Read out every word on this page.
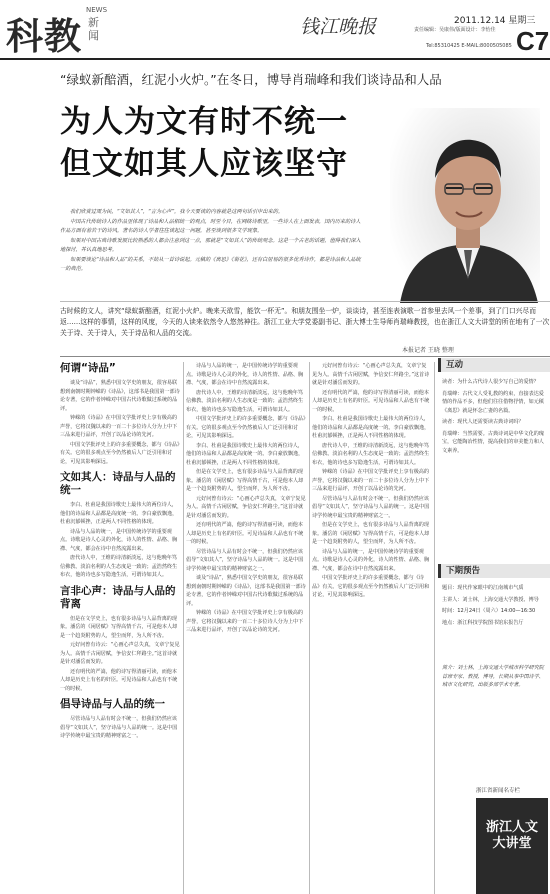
科教
NEWS
新闻	钱江晚报	2011.12.14 星期三
责任编辑：吴康伟/版面设计：李怡佳
Tel:85310425 E-MAIL:8000505085 C7
“绿蚁新醅酒，红泥小火炉。”在冬日，博导肖瑞峰和我们谈诗品和人品
为人为文有时不统一
但文如其人应该坚守

我们欣赏过周为民，“文如其人”，“言为心声”，我今天要谈的内容就是这两句话引申出来的。

中国古代传统诗人的作品里体现了诗品和人品相统一的观点，时至今日，在网络诗歌里，一些诗人在上面发表，国内历来的诗人作品方面有着若干的诗风，著名的诗人学者往往谈起这一问题，甚至谈到很多文学现象。

如果对中国古典诗歌发展比较熟悉的人都会注意到这一点，那就是“文如其人”的传统观念。这是一个古老的话题，值得我们深入地探讨，并认真地思考。

如果要谈论“诗品和人品”的关系，不妨从一首诗说起。元稹的《离思》《菊花》，还有白居易的很多优秀诗作，都是诗品和人品统一的典范。

古时候的文人，讲究“绿蚁新醅酒，红泥小火炉。晚来天欲雪，能饮一杯无”。和朋友围坐一炉，谈谈诗，甚至连表演歌一首参里去风一个差事，到了门口兴尽而返……这样的事情，这样的风度，今天的人读来依然令人悠然神往。浙江工业大学党委副书记、浙大博士生导师肖瑞峰教授，也在浙江人文大讲堂的所在地有了一次关于诗、关于诗人，关于诗品和人品的交流。
本报记者 王晓 整理
何谓“诗品”

谈及“诗品”，熟悉中国文学史的朋友，很容易联想到南朝时期钟嵘的《诗品》，这部书是我国第一部诗论专著，它的作者钟嵘对中国古代诗歌做过系统的品评。

钟嵘的《诗品》在中国文学批评史上享有极高的声誉，它将汉魏以来的一百二十多位诗人分为上中下三品来进行品评，开创了以品论诗的先河。

中国文学批评史上的许多重要概念，都与《诗品》有关。它的很多观点至今仍然被后人广泛引用和讨论，可见其影响深远。

文如其人：诗品与人品的统一

李白、杜甫是我国诗歌史上最伟大的两位诗人，他们的诗品和人品都是高度统一的。李白豪放飘逸，杜甫沉郁顿挫，正是两人不同性格的体现。

诗品与人品的统一，是中国传统诗学的重要观点。诗歌是诗人心灵的外化，诗人的性情、品格、胸襟、气度，都会在诗中自然流露出来。

唐代诗人中，王维的诗清新淡远，这与他晚年笃信佛教、淡泊名利的人生态度是一致的；孟浩然终生布衣，他的诗也多写隐逸生活，可谓诗如其人。

言非心声：诗品与人品的背离

但是在文学史上，也有很多诗品与人品背离的现象。潘岳的《闲居赋》写得高情千古，可是他本人却是一个趋炎附势的人，望尘而拜，为人所不齿。

元好问曾有诗云：“心画心声总失真，文章宁复见为人。高情千古闲居赋，争信安仁拜路尘。”这首诗就是针对潘岳而发的。

还有明代的严嵩，他的诗写得清丽可读，而他本人却是历史上有名的奸臣。可见诗品和人品也有不统一的时候。

倡导诗品与人品的统一

尽管诗品与人品有时会不统一，但我们仍然应该倡导“文如其人”，坚守诗品与人品的统一。这是中国诗学传统中最宝贵的精神财富之一。

诗品与人品的统一，是中国传统诗学的重要观点。诗歌是诗人心灵的外化，诗人的性情、品格、胸襟、气度，都会在诗中自然流露出来。

唐代诗人中，王维的诗清新淡远，这与他晚年笃信佛教、淡泊名利的人生态度是一致的；孟浩然终生布衣，他的诗也多写隐逸生活，可谓诗如其人。

中国文学批评史上的许多重要概念，都与《诗品》有关。它的很多观点至今仍然被后人广泛引用和讨论，可见其影响深远。

李白、杜甫是我国诗歌史上最伟大的两位诗人，他们的诗品和人品都是高度统一的。李白豪放飘逸，杜甫沉郁顿挫，正是两人不同性格的体现。

但是在文学史上，也有很多诗品与人品背离的现象。潘岳的《闲居赋》写得高情千古，可是他本人却是一个趋炎附势的人，望尘而拜，为人所不齿。

元好问曾有诗云：“心画心声总失真，文章宁复见为人。高情千古闲居赋，争信安仁拜路尘。”这首诗就是针对潘岳而发的。

还有明代的严嵩，他的诗写得清丽可读，而他本人却是历史上有名的奸臣。可见诗品和人品也有不统一的时候。

尽管诗品与人品有时会不统一，但我们仍然应该倡导“文如其人”，坚守诗品与人品的统一。这是中国诗学传统中最宝贵的精神财富之一。

谈及“诗品”，熟悉中国文学史的朋友，很容易联想到南朝时期钟嵘的《诗品》，这部书是我国第一部诗论专著，它的作者钟嵘对中国古代诗歌做过系统的品评。

钟嵘的《诗品》在中国文学批评史上享有极高的声誉，它将汉魏以来的一百二十多位诗人分为上中下三品来进行品评，开创了以品论诗的先河。

元好问曾有诗云：“心画心声总失真，文章宁复见为人。高情千古闲居赋，争信安仁拜路尘。”这首诗就是针对潘岳而发的。

还有明代的严嵩，他的诗写得清丽可读，而他本人却是历史上有名的奸臣。可见诗品和人品也有不统一的时候。

李白、杜甫是我国诗歌史上最伟大的两位诗人，他们的诗品和人品都是高度统一的。李白豪放飘逸，杜甫沉郁顿挫，正是两人不同性格的体现。

唐代诗人中，王维的诗清新淡远，这与他晚年笃信佛教、淡泊名利的人生态度是一致的；孟浩然终生布衣，他的诗也多写隐逸生活，可谓诗如其人。

钟嵘的《诗品》在中国文学批评史上享有极高的声誉，它将汉魏以来的一百二十多位诗人分为上中下三品来进行品评，开创了以品论诗的先河。

尽管诗品与人品有时会不统一，但我们仍然应该倡导“文如其人”，坚守诗品与人品的统一。这是中国诗学传统中最宝贵的精神财富之一。

但是在文学史上，也有很多诗品与人品背离的现象。潘岳的《闲居赋》写得高情千古，可是他本人却是一个趋炎附势的人，望尘而拜，为人所不齿。

诗品与人品的统一，是中国传统诗学的重要观点。诗歌是诗人心灵的外化，诗人的性情、品格、胸襟、气度，都会在诗中自然流露出来。

中国文学批评史上的许多重要概念，都与《诗品》有关。它的很多观点至今仍然被后人广泛引用和讨论，可见其影响深远。

互动

读者：为什么古代诗人很少写自己的爱情？

肖瑞峰：古代文人受礼教的约束，直接表达爱情的作品不多，但他们往往借物抒情，如元稹《离思》就是怀念亡妻的名篇。

读者：现代人还需要读古典诗词吗？

肖瑞峰：当然需要。古典诗词是中华文化的瑰宝，它能陶冶性情，提高我们的审美能力和人文素养。

下期预告

题目：现代作家眼中的江南城市气质

主讲人：刘士林，上海交通大学教授、博导

时间：12月24日（周六）14:00—16:30

地点：浙江科技学院图书馆东报告厅

简介：刘士林，上海交通大学城市科学研究院首席专家、教授、博导，长期从事中国诗学、城市文化研究，出版多部学术专著。
浙江省新闻名专栏
浙江人文大讲堂
